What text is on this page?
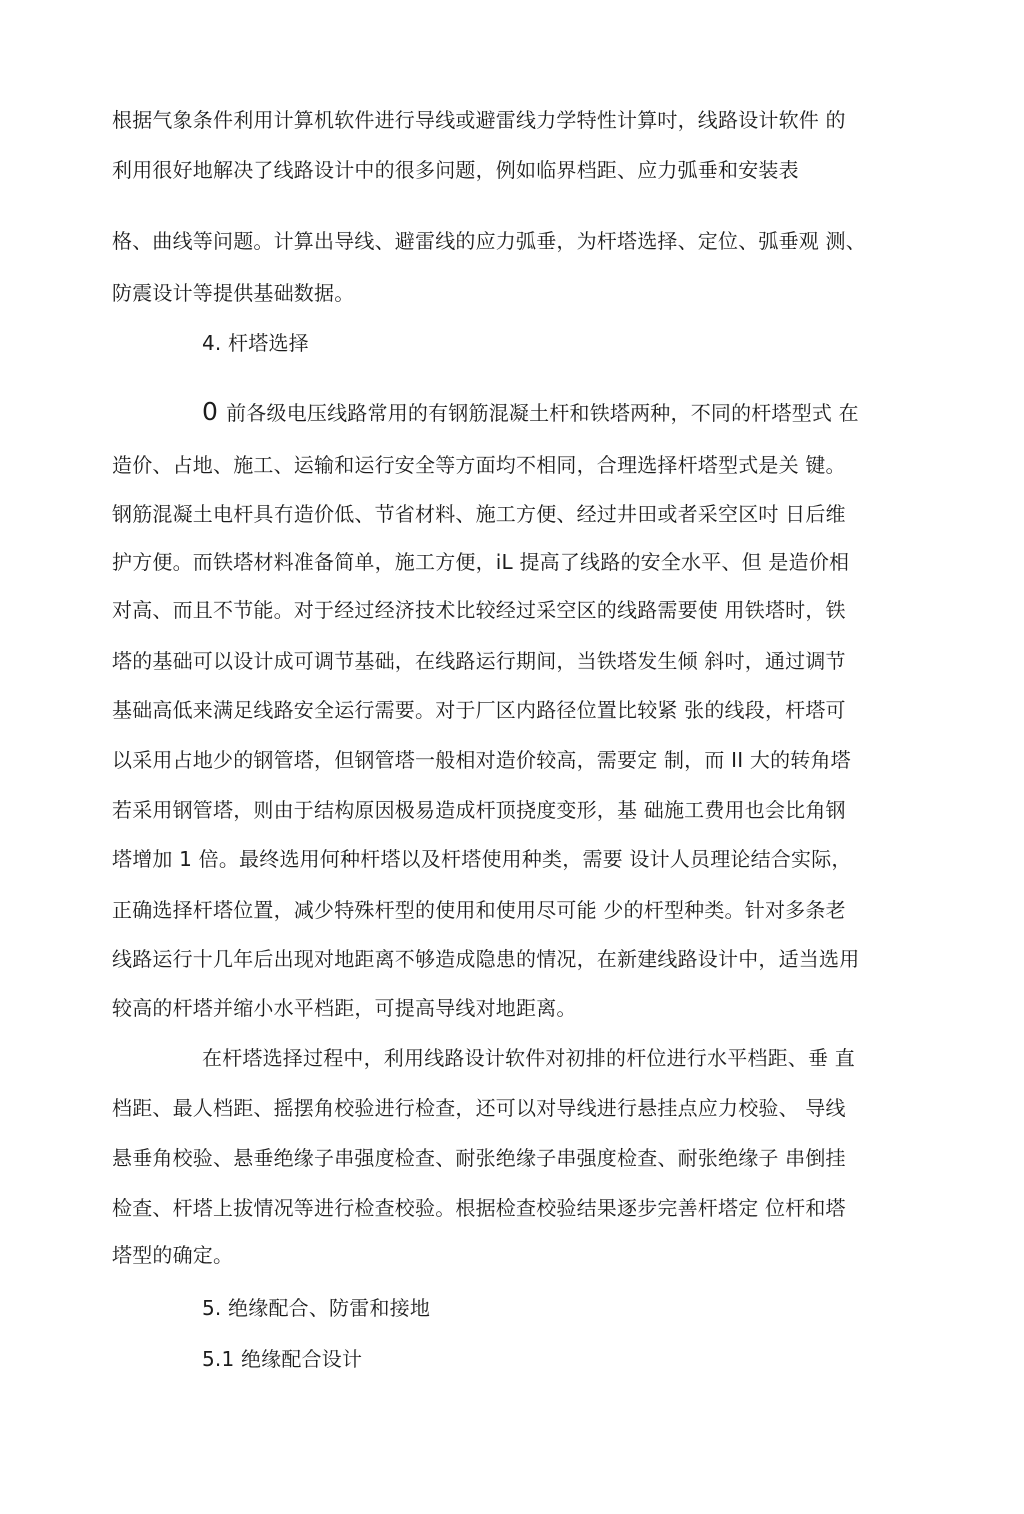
根据气象条件利用计算机软件进行导线或避雷线力学特性计算吋，线路设计软件 的

利用很好地解决了线路设计中的很多问题，例如临界档距、应力弧垂和安装表

格、曲线等问题。计算出导线、避雷线的应力弧垂，为杆塔选择、定位、弧垂观 测、

防震设计等提供基础数据。

4. 杆塔选择

0 前各级电压线路常用的有钢筋混凝土杆和铁塔两种，不同的杆塔型式 在

造价、占地、施工、运输和运行安全等方面均不相同，合理选择杆塔型式是关 键。

钢筋混凝土电杆具冇造价低、节省材料、施工方便、经过井田或者采空区吋 日后维

护方便。而铁塔材料准备简单，施工方便，iL 提高了线路的安全水平、但 是造价相

对高、而且不节能。对于经过经济技术比较经过采空区的线路需要使 用铁塔时，铁

塔的基础可以设计成可调节基础，在线路运行期间，当铁塔发生倾 斜吋，通过调节

基础高低来满足线路安全运行需要。对于厂区内路径位置比较紧 张的线段，杆塔可

以采用占地少的钢管塔，但钢管塔一般相对造价较高，需要定 制，而 II 大的转角塔

若采用钢管塔，则由于结构原因极易造成杆顶挠度变形，基 础施工费用也会比角钢

塔增加 1 倍。最终选用何种杆塔以及杆塔使用种类，需要 设计人员理论结合实际，

正确选择杆塔位置，减少特殊杆型的使用和使用尽可能 少的杆型种类。针对多条老

线路运行十几年后出现对地距离不够造成隐患的情况，在新建线路设计中，适当选用

较高的杆塔并缩小水平档距，可提高导线对地距离。

在杆塔选择过程中，利用线路设计软件对初排的杆位进行水平档距、垂 直

档距、最人档距、摇摆角校验进行检查，还可以对导线进行悬挂点应力校验、 导线

悬垂角校验、悬垂绝缘子串强度检查、耐张绝缘子串强度检查、耐张绝缘子 串倒挂

检查、杆塔上拔情况等进行检查校验。根据检查校验结果逐步完善杆塔定 位杆和塔

塔型的确定。

5. 绝缘配合、防雷和接地

5.1 绝缘配合设计
